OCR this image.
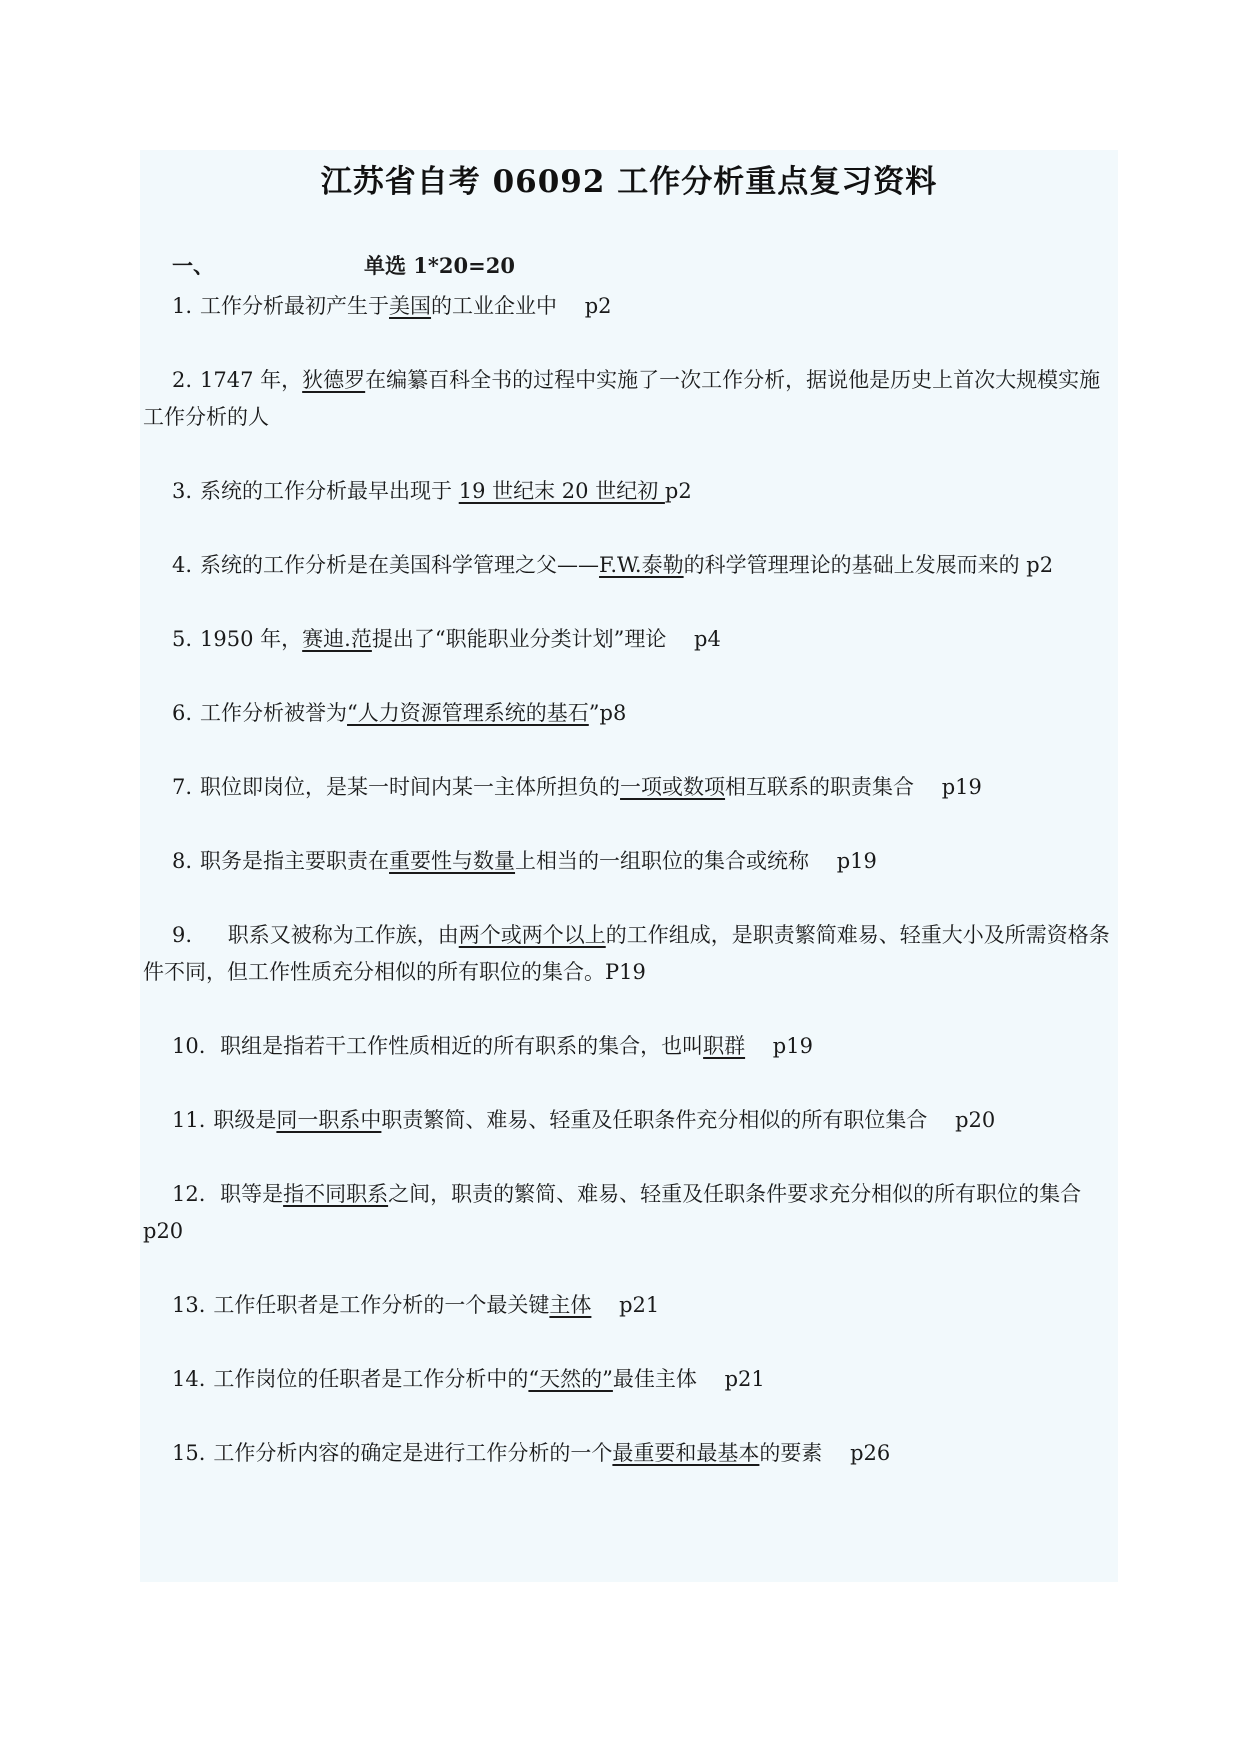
江苏省自考 06092 工作分析重点复习资料
一、	单选 1*20=20
1. 工作分析最初产生于美国的工业企业中　 p2
2. 1747 年，狄德罗在编纂百科全书的过程中实施了一次工作分析，据说他是历史上首次大规模实施工作分析的人
3. 系统的工作分析最早出现于 19 世纪末 20 世纪初 p2
4. 系统的工作分析是在美国科学管理之父——F.W.泰勒的科学管理理论的基础上发展而来的 p2
5. 1950 年，赛迪.范提出了“职能职业分类计划”理论　 p4
6. 工作分析被誉为“人力资源管理系统的基石”p8
7. 职位即岗位，是某一时间内某一主体所担负的一项或数项相互联系的职责集合　 p19
8. 职务是指主要职责在重要性与数量上相当的一组职位的集合或统称　 p19
9.　 职系又被称为工作族，由两个或两个以上的工作组成，是职责繁简难易、轻重大小及所需资格条件不同，但工作性质充分相似的所有职位的集合。P19
10. 职组是指若干工作性质相近的所有职系的集合，也叫职群　 p19
11. 职级是同一职系中职责繁简、难易、轻重及任职条件充分相似的所有职位集合　 p20
12. 职等是指不同职系之间，职责的繁简、难易、轻重及任职条件要求充分相似的所有职位的集合　 p20
13. 工作任职者是工作分析的一个最关键主体　 p21
14. 工作岗位的任职者是工作分析中的“天然的”最佳主体　 p21
15. 工作分析内容的确定是进行工作分析的一个最重要和最基本的要素　 p26
